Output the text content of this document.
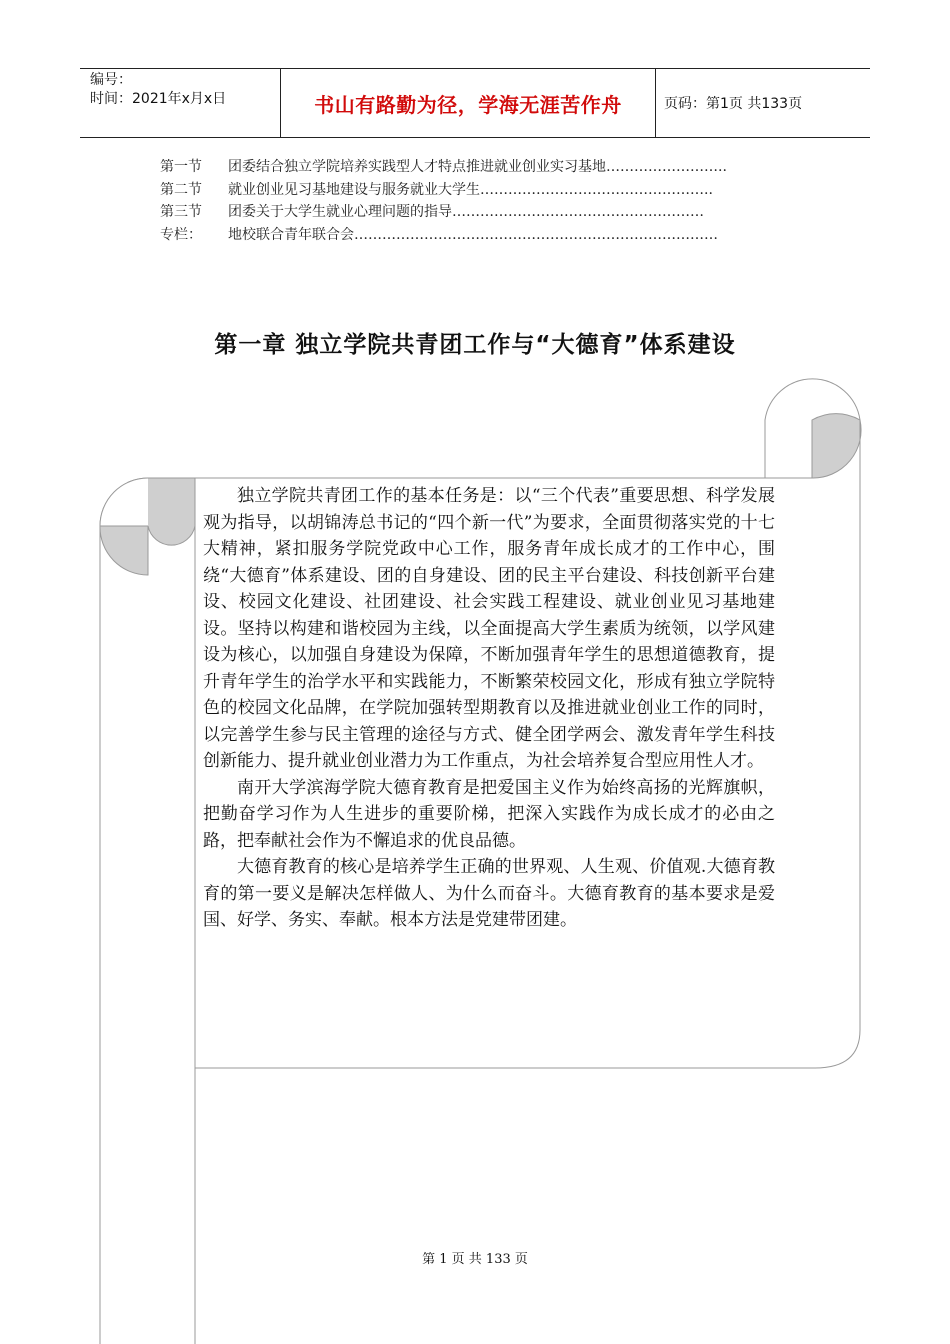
编号：
时间：2021年x月x日	书山有路勤为径，学海无涯苦作舟	页码：第1页 共133页
第一节 团委结合独立学院培养实践型人才特点推进就业创业实习基地……………………..
第二节 就业创业见习基地建设与服务就业大学生…………………………………………..
第三节 团委关于大学生就业心理问题的指导………………………………………………
专栏： 地校联合青年联合会……………………………………………………………………
第一章 独立学院共青团工作与“大德育”体系建设

独立学院共青团工作的基本任务是：以“三个代表”重要思想、科学发展观为指导，以胡锦涛总书记的“四个新一代”为要求，全面贯彻落实党的十七大精神，紧扣服务学院党政中心工作，服务青年成长成才的工作中心，围绕“大德育”体系建设、团的自身建设、团的民主平台建设、科技创新平台建设、校园文化建设、社团建设、社会实践工程建设、就业创业见习基地建设。坚持以构建和谐校园为主线，以全面提高大学生素质为统领，以学风建设为核心，以加强自身建设为保障，不断加强青年学生的思想道德教育，提升青年学生的治学水平和实践能力，不断繁荣校园文化，形成有独立学院特色的校园文化品牌，在学院加强转型期教育以及推进就业创业工作的同时，以完善学生参与民主管理的途径与方式、健全团学两会、激发青年学生科技创新能力、提升就业创业潜力为工作重点，为社会培养复合型应用性人才。

南开大学滨海学院大德育教育是把爱国主义作为始终高扬的光辉旗帜，把勤奋学习作为人生进步的重要阶梯，把深入实践作为成长成才的必由之路，把奉献社会作为不懈追求的优良品德。

大德育教育的核心是培养学生正确的世界观、人生观、价值观.大德育教育的第一要义是解决怎样做人、为什么而奋斗。大德育教育的基本要求是爱国、好学、务实、奉献。根本方法是党建带团建。

第 1 页 共 133 页
